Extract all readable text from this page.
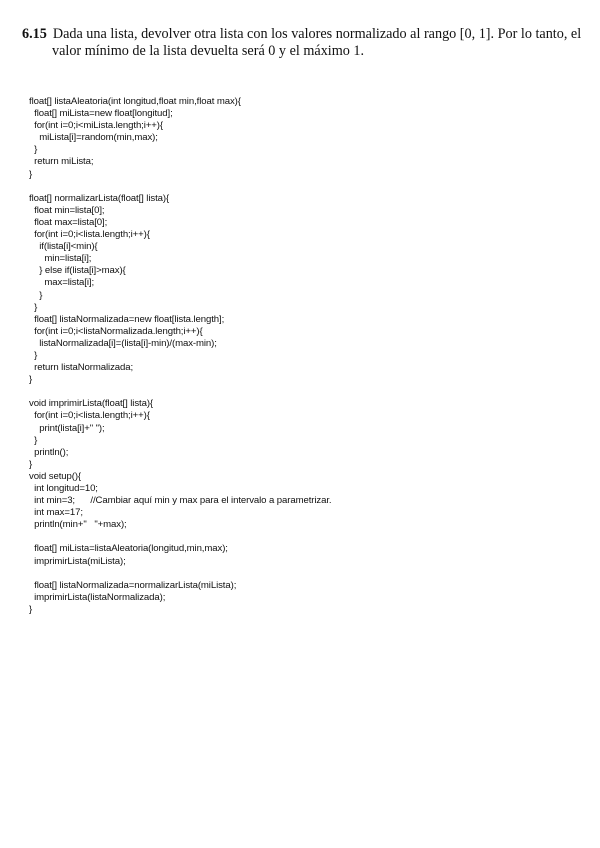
6.15 Dada una lista, devolver otra lista con los valores normalizado al rango [0, 1]. Por lo tanto, el
valor mínimo de la lista devuelta será 0 y el máximo 1.
float[] listaAleatoria(int longitud,float min,float max){
float[] miLista=new float[longitud];
for(int i=0;i<miLista.length;i++){
miLista[i]=random(min,max);
}
return miLista;
}
float[] normalizarLista(float[] lista){
float min=lista[0];
float max=lista[0];
for(int i=0;i<lista.length;i++){
if(lista[i]<min){
min=lista[i];
} else if(lista[i]>max){
max=lista[i];
}
}
float[] listaNormalizada=new float[lista.length];
for(int i=0;i<listaNormalizada.length;i++){
listaNormalizada[i]=(lista[i]-min)/(max-min);
}
return listaNormalizada;
}
void imprimirLista(float[] lista){
for(int i=0;i<lista.length;i++){
print(lista[i]+" ");
}
println();
}
void setup(){
int longitud=10;
int min=3;      //Cambiar aquí min y max para el intervalo a parametrizar.
int max=17;
println(min+"   "+max);
float[] miLista=listaAleatoria(longitud,min,max);
imprimirLista(miLista);
float[] listaNormalizada=normalizarLista(miLista);
imprimirLista(listaNormalizada);
}
